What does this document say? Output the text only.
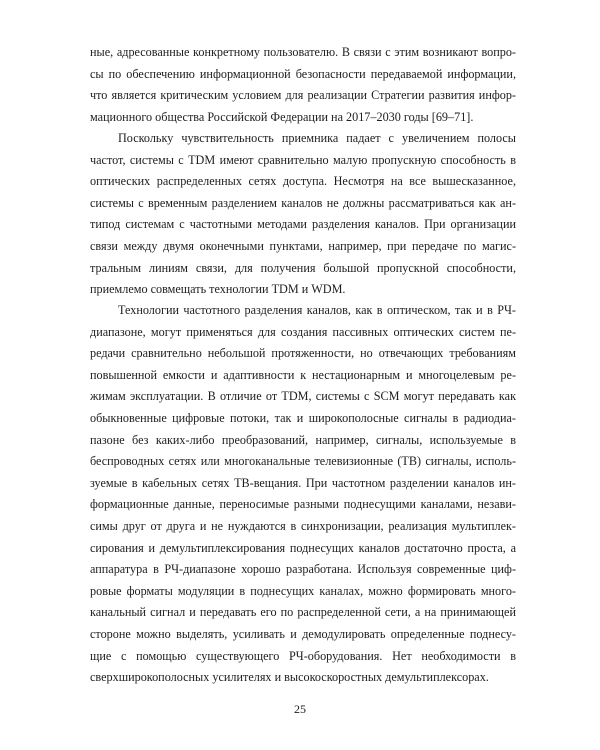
ные, адресованные конкретному пользователю. В связи с этим возникают вопро-
сы по обеспечению информационной безопасности передаваемой информации,
что является критическим условием для реализации Стратегии развития инфор-
мационного общества Российской Федерации на 2017–2030 годы [69–71].
Поскольку чувствительность приемника падает с увеличением полосы
частот, системы с TDM имеют сравнительно малую пропускную способность в
оптических распределенных сетях доступа. Несмотря на все вышесказанное,
системы с временным разделением каналов не должны рассматриваться как ан-
типод системам с частотными методами разделения каналов. При организации
связи между двумя оконечными пунктами, например, при передаче по магис-
тральным линиям связи, для получения большой пропускной способности,
приемлемо совмещать технологии TDM и WDM.
Технологии частотного разделения каналов, как в оптическом, так и в РЧ-
диапазоне, могут применяться для создания пассивных оптических систем пе-
редачи сравнительно небольшой протяженности, но отвечающих требованиям
повышенной емкости и адаптивности к нестационарным и многоцелевым ре-
жимам эксплуатации. В отличие от TDM, системы с SCM могут передавать как
обыкновенные цифровые потоки, так и широкополосные сигналы в радиодиа-
пазоне без каких-либо преобразований, например, сигналы, используемые в
беспроводных сетях или многоканальные телевизионные (ТВ) сигналы, исполь-
зуемые в кабельных сетях ТВ-вещания. При частотном разделении каналов ин-
формационные данные, переносимые разными поднесущими каналами, незави-
симы друг от друга и не нуждаются в синхронизации, реализация мультиплек-
сирования и демультиплексирования поднесущих каналов достаточно проста, а
аппаратура в РЧ-диапазоне хорошо разработана. Используя современные циф-
ровые форматы модуляции в поднесущих каналах, можно формировать много-
канальный сигнал и передавать его по распределенной сети, а на принимающей
стороне можно выделять, усиливать и демодулировать определенные поднесу-
щие с помощью существующего РЧ-оборудования. Нет необходимости в
сверхширокополосных усилителях и высокоскоростных демультиплексорах.
25
